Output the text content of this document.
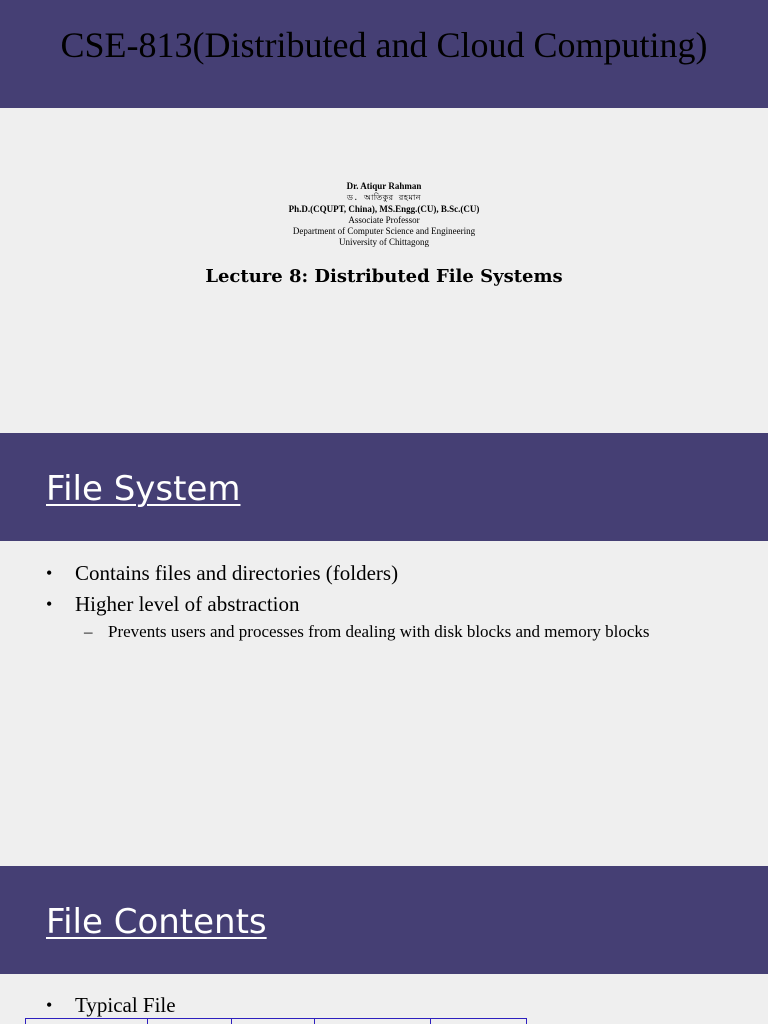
CSE-813(Distributed and Cloud Computing)
Dr. Atiqur Rahman
ড. আতিকুর রহমান
Ph.D.(CQUPT, China), MS.Engg.(CU), B.Sc.(CU)
Associate Professor
Department of Computer Science and Engineering
University of Chittagong
Lecture 8: Distributed File Systems
File System
• Contains files and directories (folders)
• Higher level of abstraction
– Prevents users and processes from dealing with disk blocks and memory blocks
File Contents
• Typical File
